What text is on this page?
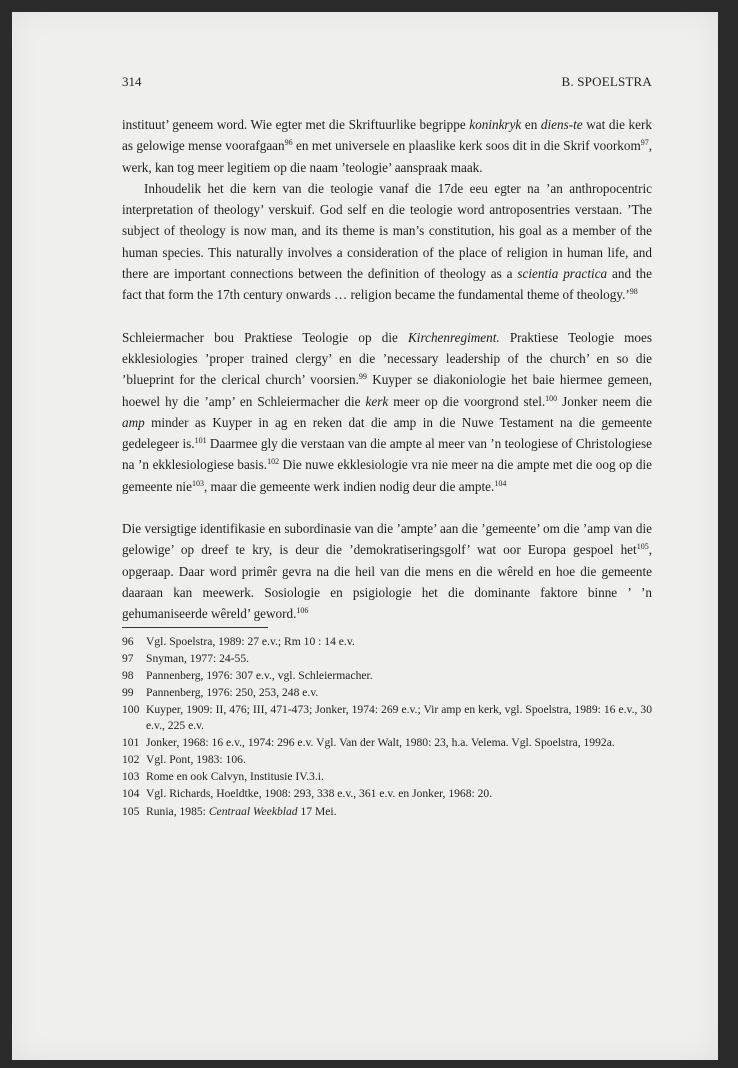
314	B. SPOELSTRA

instituut’ geneem word. Wie egter met die Skriftuurlike begrippe koninkryk en diens-te wat die kerk as gelowige mense voorafgaan$^{96}$ en met universele en plaaslike kerk soos dit in die Skrif voorkom$^{97}$, werk, kan tog meer legitiem op die naam ’teologie’ aanspraak maak.

Inhoudelik het die kern van die teologie vanaf die 17de eeu egter na ’an anthropocentric interpretation of theology’ verskuif. God self en die teologie word antroposentries verstaan. ’The subject of theology is now man, and its theme is man’s constitution, his goal as a member of the human species. This naturally involves a consideration of the place of religion in human life, and there are important connections between the definition of theology as a scientia practica and the fact that form the 17th century onwards … religion became the fundamental theme of theology.’$^{98}$

Schleiermacher bou Praktiese Teologie op die Kirchenregiment. Praktiese Teologie moes ekklesiologies ’proper trained clergy’ en die ’necessary leadership of the church’ en so die ’blueprint for the clerical church’ voorsien.$^{99}$ Kuyper se diakoniologie het baie hiermee gemeen, hoewel hy die ’amp’ en Schleiermacher die kerk meer op die voorgrond stel.$^{100}$ Jonker neem die amp minder as Kuyper in ag en reken dat die amp in die Nuwe Testament na die gemeente gedelegeer is.$^{101}$ Daarmee gly die verstaan van die ampte al meer van ’n teologiese of Christologiese na ’n ekklesiologiese basis.$^{102}$ Die nuwe ekklesiologie vra nie meer na die ampte met die oog op die gemeente nie$^{103}$, maar die gemeente werk indien nodig deur die ampte.$^{104}$

Die versigtige identifikasie en subordinasie van die ’ampte’ aan die ’gemeente’ om die ’amp van die gelowige’ op dreef te kry, is deur die ’demokratiseringsgolf’ wat oor Europa gespoel het$^{105}$, opgeraap. Daar word primêr gevra na die heil van die mens en die wêreld en hoe die gemeente daaraan kan meewerk. Sosiologie en psigiologie het die dominante faktore binne ’ ’n gehumaniseerde wêreld’ geword.$^{106}$

96 Vgl. Spoelstra, 1989: 27 e.v.; Rm 10 : 14 e.v.
97 Snyman, 1977: 24-55.
98 Pannenberg, 1976: 307 e.v., vgl. Schleiermacher.
99 Pannenberg, 1976: 250, 253, 248 e.v.
100 Kuyper, 1909: II, 476; III, 471-473; Jonker, 1974: 269 e.v.; Vir amp en kerk, vgl. Spoelstra, 1989: 16 e.v., 30 e.v., 225 e.v.
101 Jonker, 1968: 16 e.v., 1974: 296 e.v. Vgl. Van der Walt, 1980: 23, h.a. Velema. Vgl. Spoelstra, 1992a.
102 Vgl. Pont, 1983: 106.
103 Rome en ook Calvyn, Institusie IV.3.i.
104 Vgl. Richards, Hoeldtke, 1908: 293, 338 e.v., 361 e.v. en Jonker, 1968: 20.
105 Runia, 1985: Centraal Weekblad 17 Mei.
